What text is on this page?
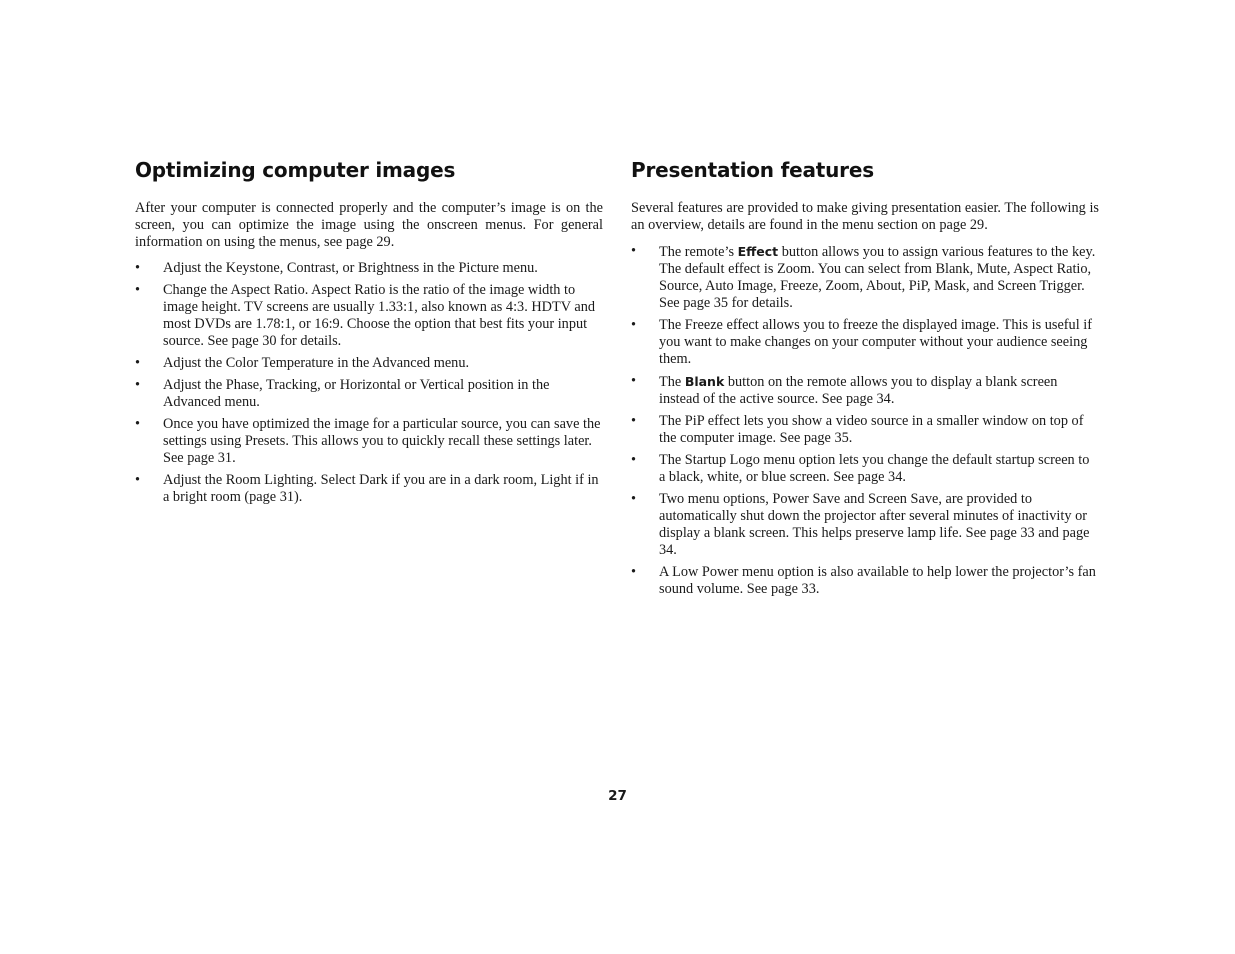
Optimizing computer images

After your computer is connected properly and the computer’s image is on the screen, you can optimize the image using the onscreen menus. For general information on using the menus, see page 29.

• Adjust the Keystone, Contrast, or Brightness in the Picture menu.
• Change the Aspect Ratio. Aspect Ratio is the ratio of the image width to image height. TV screens are usually 1.33:1, also known as 4:3. HDTV and most DVDs are 1.78:1, or 16:9. Choose the option that best fits your input source. See page 30 for details.
• Adjust the Color Temperature in the Advanced menu.
• Adjust the Phase, Tracking, or Horizontal or Vertical position in the Advanced menu.
• Once you have optimized the image for a particular source, you can save the settings using Presets. This allows you to quickly recall these settings later. See page 31.
• Adjust the Room Lighting. Select Dark if you are in a dark room, Light if in a bright room (page 31).
Presentation features

Several features are provided to make giving presentation easier. The following is an overview, details are found in the menu section on page 29.

• The remote’s Effect button allows you to assign various features to the key. The default effect is Zoom. You can select from Blank, Mute, Aspect Ratio, Source, Auto Image, Freeze, Zoom, About, PiP, Mask, and Screen Trigger. See page 35 for details.
• The Freeze effect allows you to freeze the displayed image. This is useful if you want to make changes on your computer without your audience seeing them.
• The Blank button on the remote allows you to display a blank screen instead of the active source. See page 34.
• The PiP effect lets you show a video source in a smaller window on top of the computer image. See page 35.
• The Startup Logo menu option lets you change the default startup screen to a black, white, or blue screen. See page 34.
• Two menu options, Power Save and Screen Save, are provided to automatically shut down the projector after several minutes of inactivity or display a blank screen. This helps preserve lamp life. See page 33 and page 34.
• A Low Power menu option is also available to help lower the projector’s fan sound volume. See page 33.
27
